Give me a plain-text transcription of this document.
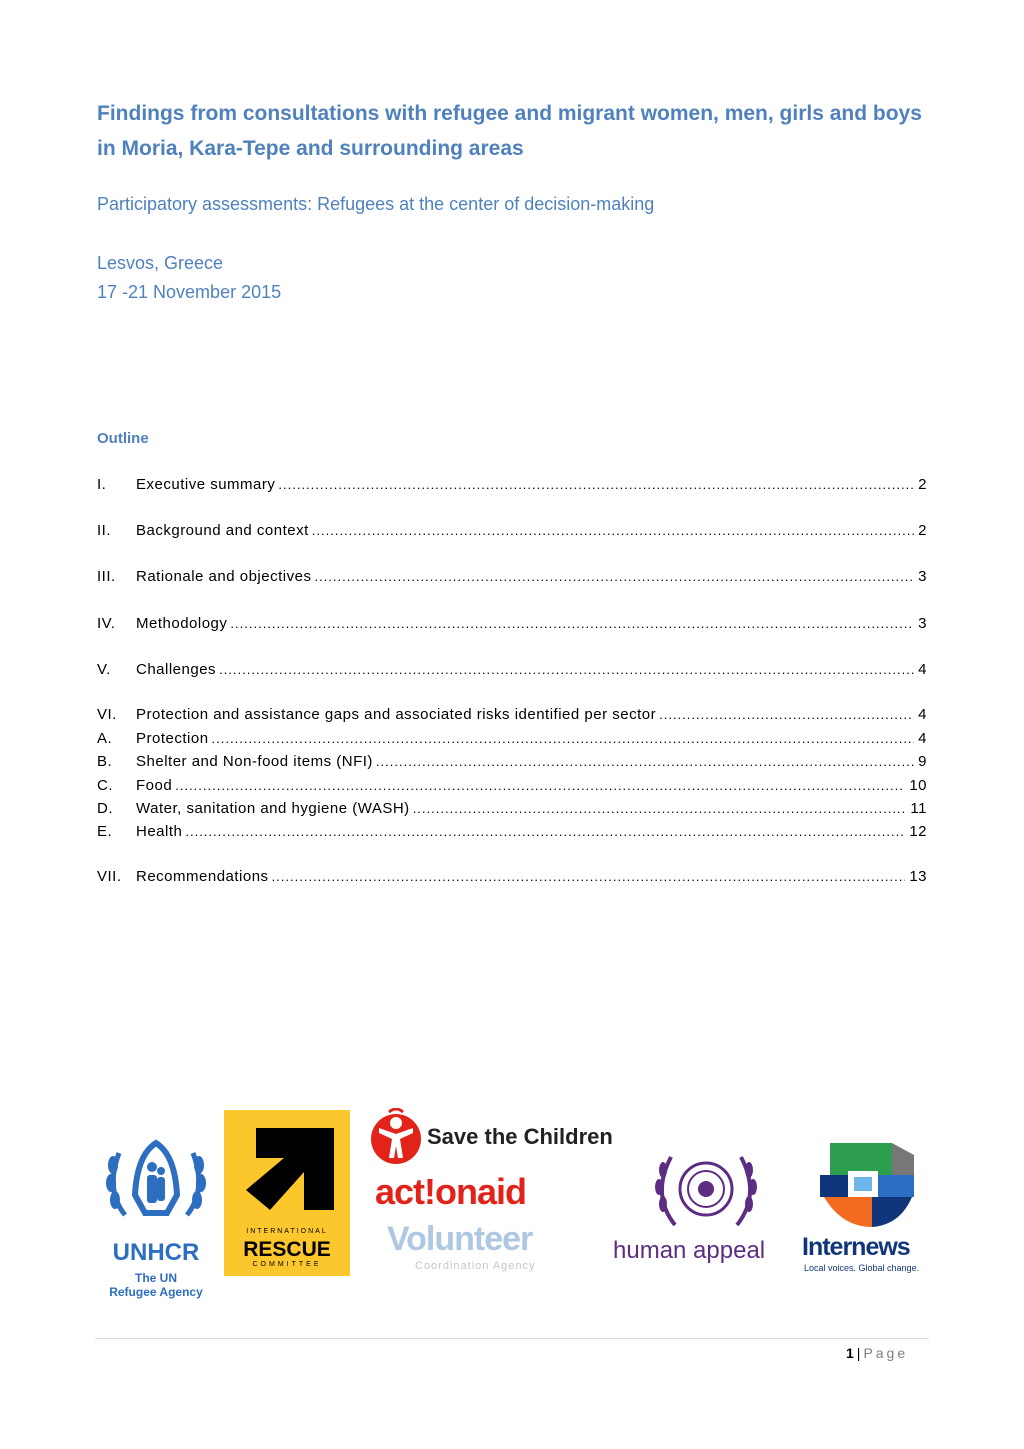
Findings from consultations with refugee and migrant women, men, girls and boys in Moria, Kara-Tepe and surrounding areas
Participatory assessments: Refugees at the center of decision-making
Lesvos, Greece
17 -21 November 2015
Outline
I.	Executive summary .....	2
II.	Background and context .....	2
III.	Rationale and objectives .....	3
IV.	Methodology .....	3
V.	Challenges .....	4
VI.	Protection and assistance gaps and associated risks identified per sector .....	4
A.	Protection .....	4
B.	Shelter and Non-food items (NFI) .....	9
C.	Food .....	10
D.	Water, sanitation and hygiene (WASH) .....	11
E.	Health .....	12
VII. Recommendations .....	13
UNHCR
The UN
Refugee Agency
INTERNATIONAL
RESCUE
COMMITTEE
Save the Children
act!onaid
Volunteer
Coordination Agency
human appeal Internews
Local voices. Global change.
1 | Page
